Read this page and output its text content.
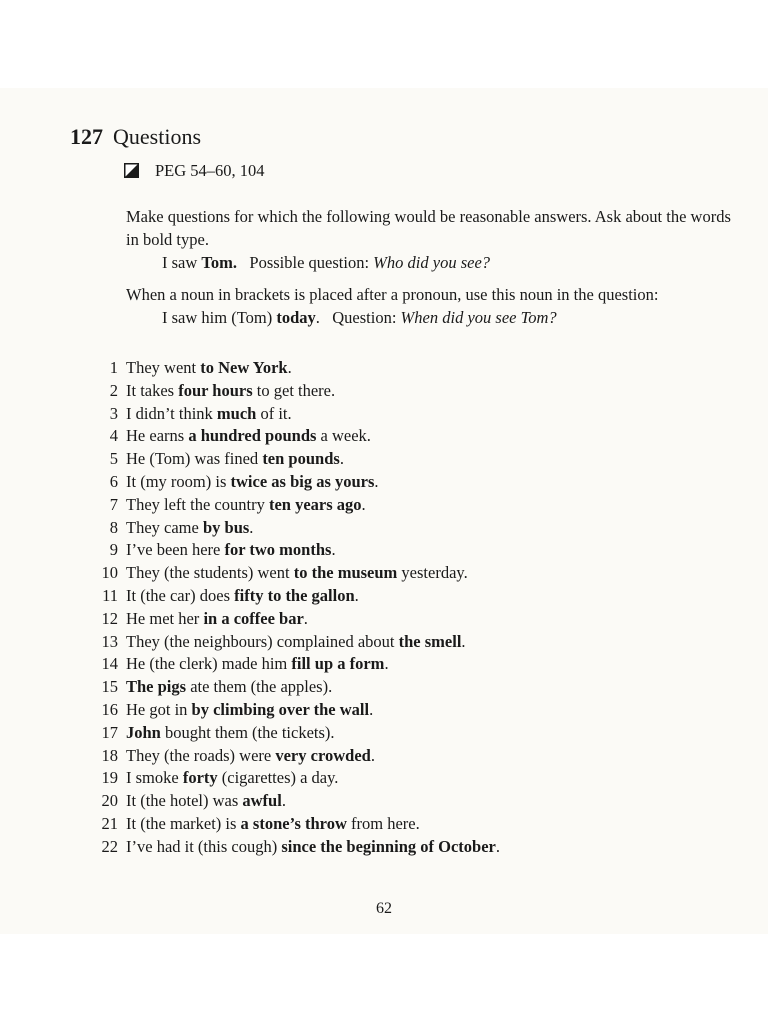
127 Questions
PEG 54–60, 104
Make questions for which the following would be reasonable answers. Ask about the words in bold type.
I saw Tom.   Possible question: Who did you see?
When a noun in brackets is placed after a pronoun, use this noun in the question:
I saw him (Tom) today.   Question: When did you see Tom?
1 They went to New York.
2 It takes four hours to get there.
3 I didn’t think much of it.
4 He earns a hundred pounds a week.
5 He (Tom) was fined ten pounds.
6 It (my room) is twice as big as yours.
7 They left the country ten years ago.
8 They came by bus.
9 I’ve been here for two months.
10 They (the students) went to the museum yesterday.
11 It (the car) does fifty to the gallon.
12 He met her in a coffee bar.
13 They (the neighbours) complained about the smell.
14 He (the clerk) made him fill up a form.
15 The pigs ate them (the apples).
16 He got in by climbing over the wall.
17 John bought them (the tickets).
18 They (the roads) were very crowded.
19 I smoke forty (cigarettes) a day.
20 It (the hotel) was awful.
21 It (the market) is a stone’s throw from here.
22 I’ve had it (this cough) since the beginning of October.
62
